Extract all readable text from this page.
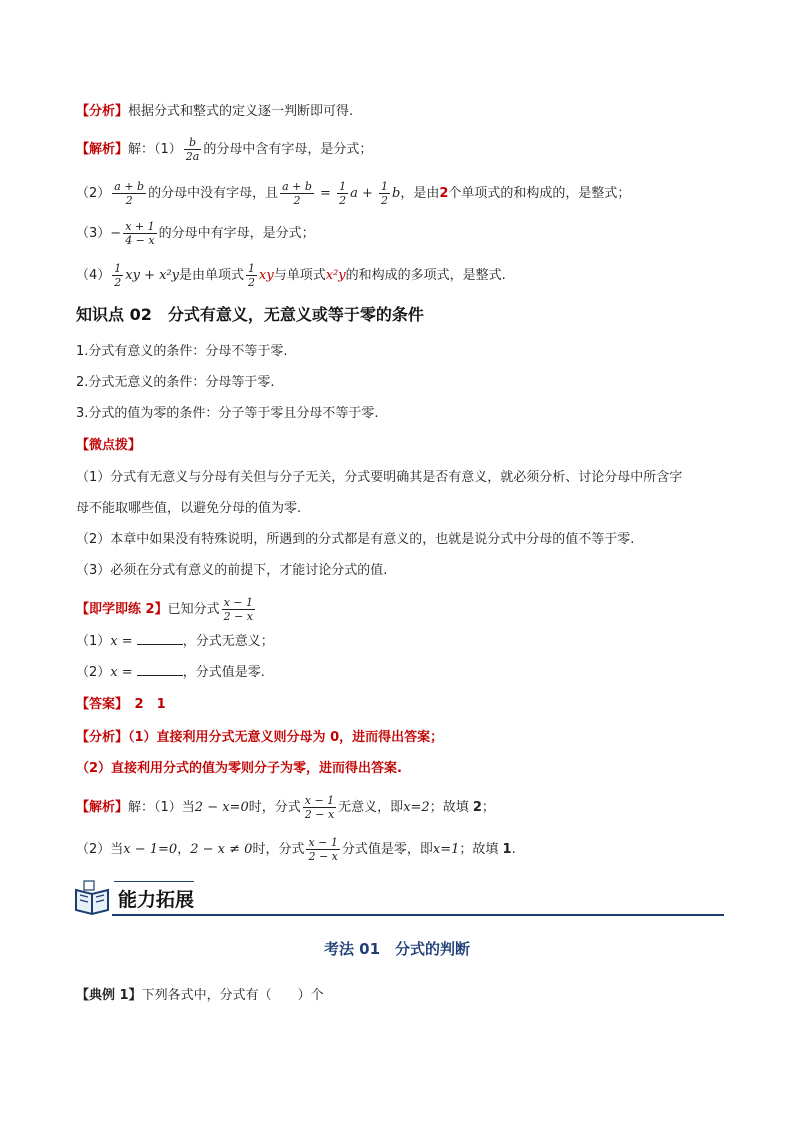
【分析】根据分式和整式的定义逐一判断即可得.
【解析】解：$(1) \frac{b}{2a}$ 的分母中含有字母，是分式；
$(2) \frac{a + b}{2}$ 的分母中没有字母，且 $\frac{a + b}{2} = \frac{1}{2}$ $a + \frac{1}{2}$ b，是由2个单项式的和构成的，是整式；
$(3)- \frac{x + 1}{4 - x}$ 的分母中有字母，是分式；
$(4) \frac{1}{2}$ xy + x²y是由单项式 $\frac{1}{2}$ xy与单项式x²y的和构成的多项式，是整式.
知识点 02　分式有意义，无意义或等于零的条件
1.分式有意义的条件：分母不等于零.
2.分式无意义的条件：分母等于零.
3.分式的值为零的条件：分子等于零且分母不等于零.
【微点拨】
（1）分式有无意义与分母有关但与分子无关，分式要明确其是否有意义，就必须分析、讨论分母中所含字
母不能取哪些值，以避免分母的值为零.
（2）本章中如果没有特殊说明，所遇到的分式都是有意义的，也就是说分式中分母的值不等于零.
（3）必须在分式有意义的前提下，才能讨论分式的值.
【即学即练 2】已知分式 $\frac{x - 1}{2 - x}$
（1）x =	，分式无意义；
（2）x =	，分式值是零.
【答案】　 2　1
【分析】（1）直接利用分式无意义则分母为 0，进而得出答案；
（2）直接利用分式的值为零则分子为零，进而得出答案.
【解析】解：（1）当2 − x=0时，分式 $\frac{x - 1}{2 - x}$ 无意义，即x=2；故填 2；
（2）当x − 1=0，2 − x ≠ 0时，分式 $\frac{x - 1}{2 - x}$ 分式值是零，即x=1；故填 1.
能力拓展
考法 01　分式的判断
【典例 1】下列各式中，分式有（　　）个
